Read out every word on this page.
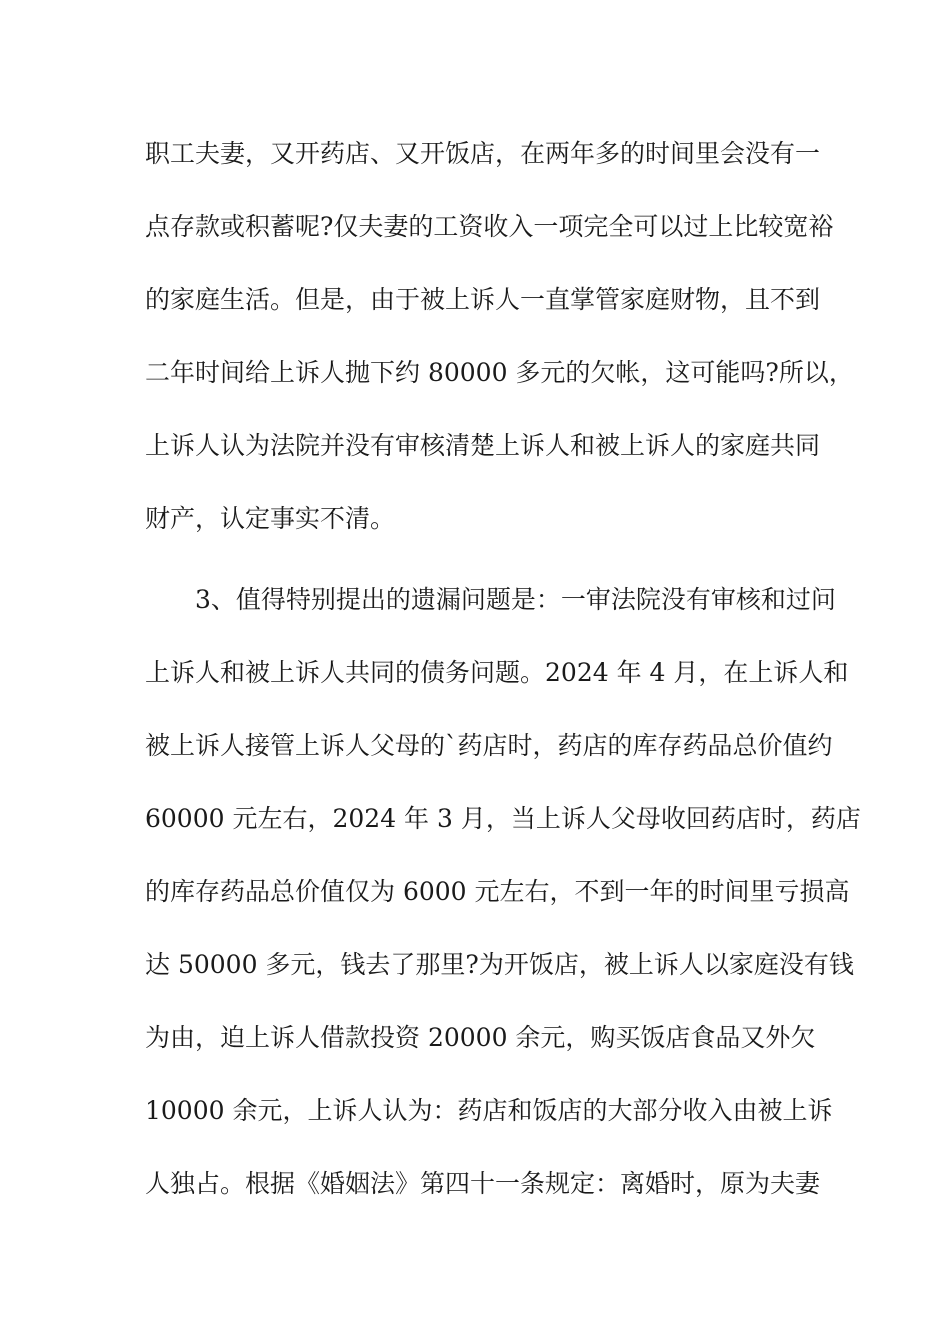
职工夫妻，又开药店、又开饭店，在两年多的时间里会没有一
点存款或积蓄呢?仅夫妻的工资收入一项完全可以过上比较宽裕
的家庭生活。但是，由于被上诉人一直掌管家庭财物，且不到
二年时间给上诉人抛下约 80000 多元的欠帐，这可能吗?所以，
上诉人认为法院并没有审核清楚上诉人和被上诉人的家庭共同
财产，认定事实不清。
3、值得特别提出的遗漏问题是：一审法院没有审核和过问
上诉人和被上诉人共同的债务问题。2024 年 4 月，在上诉人和
被上诉人接管上诉人父母的`药店时，药店的库存药品总价值约
60000 元左右，2024 年 3 月，当上诉人父母收回药店时，药店
的库存药品总价值仅为 6000 元左右，不到一年的时间里亏损高
达 50000 多元，钱去了那里?为开饭店，被上诉人以家庭没有钱
为由，迫上诉人借款投资 20000 余元，购买饭店食品又外欠
10000 余元，上诉人认为：药店和饭店的大部分收入由被上诉
人独占。根据《婚姻法》第四十一条规定：离婚时，原为夫妻
